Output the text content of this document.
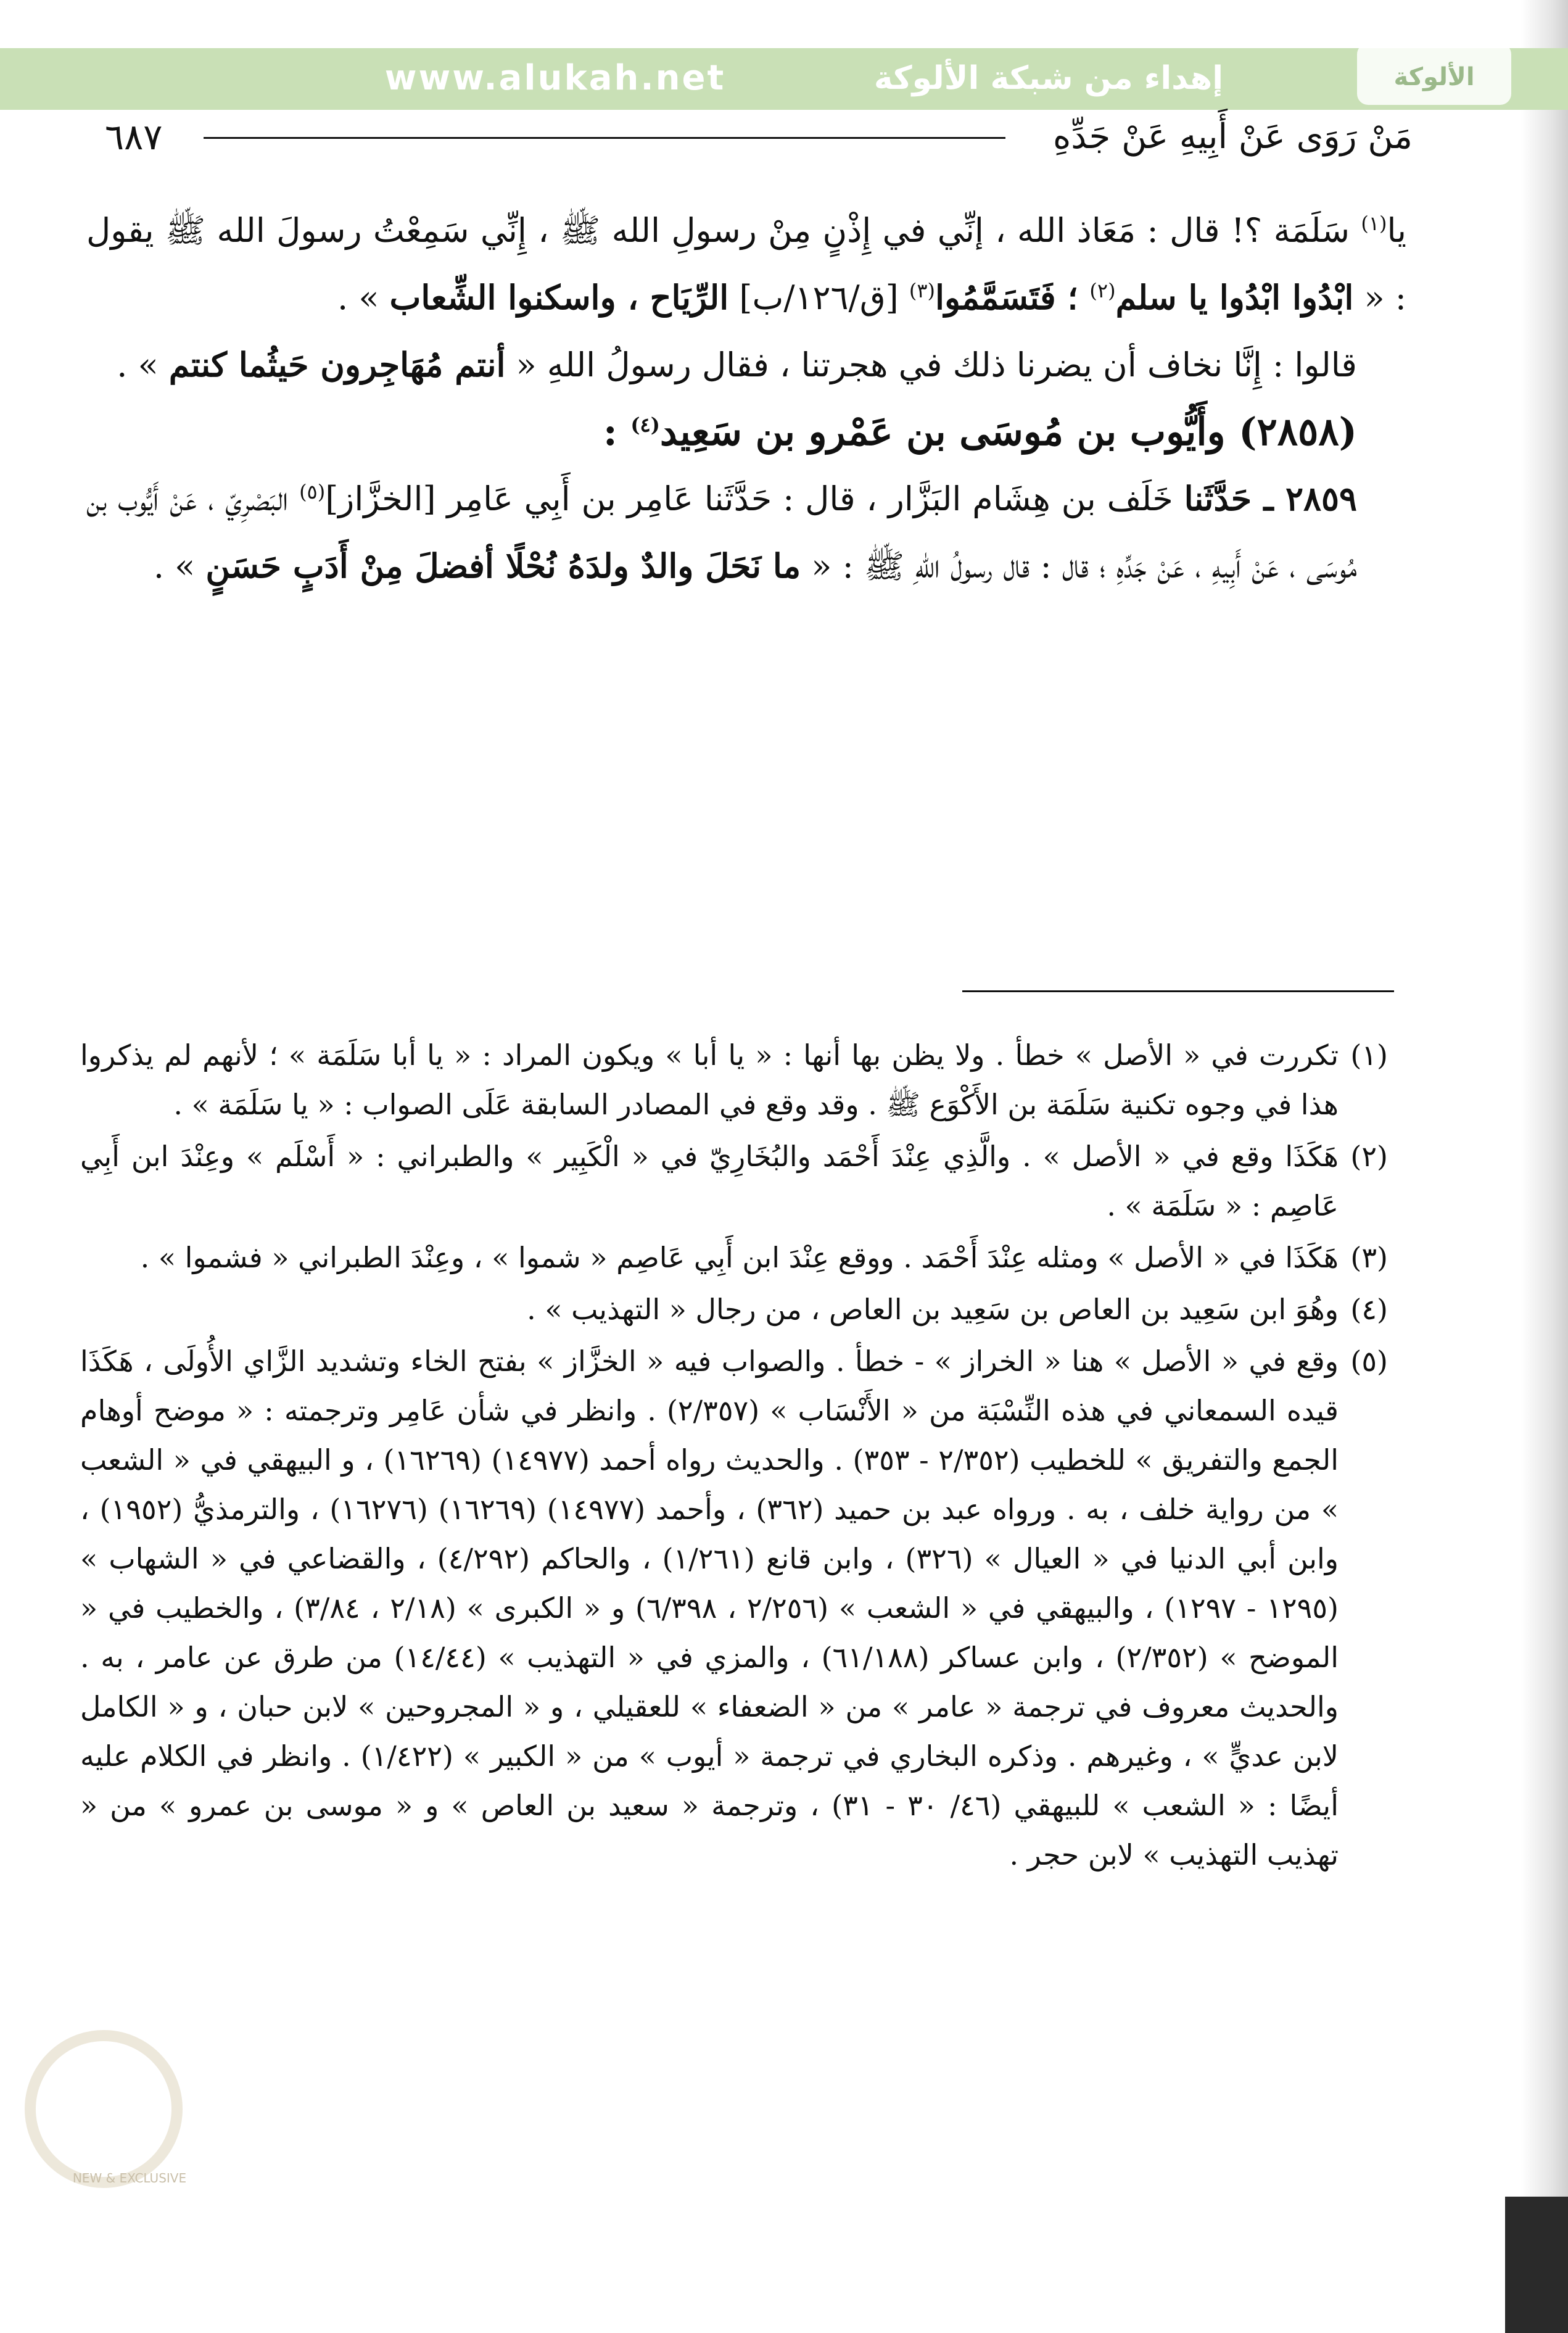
www.alukah.net	إهداء من شبكة الألوكة	الألوكة
٦٨٧	مَنْ رَوَى عَنْ أَبِيهِ عَنْ جَدِّهِ

يا$^{(١)}$ سَلَمَة ؟! قال : مَعَاذ الله ، إنِّي في إِذْنٍ مِنْ رسولِ الله ﷺ ، إِنِّي سَمِعْتُ رسولَ الله ﷺ يقول : « ابْدُوا ابْدُوا يا سلم$^{(٢)}$ ؛ فَتَسَمَّمُوا$^{(٣)}$ [ق/١٢٦/ب] الرِّيَاح ، واسكنوا الشِّعاب » .

قالوا : إِنَّا نخاف أن يضرنا ذلك في هجرتنا ، فقال رسولُ اللهِ « أنتم مُهَاجِرون حَيثُما كنتم » .

(٢٨٥٨) وأَيُّوب بن مُوسَى بن عَمْرو بن سَعِيد$^{(٤)}$ :

٢٨٥٩ ـ حَدَّثَنا خَلَف بن هِشَام البَزَّار ، قال : حَدَّثَنا عَامِر بن أَبِي عَامِر [الخزَّاز]$^{(٥)}$ البَصْرِيّ ، عَنْ أَيُّوب بن مُوسَى ، عَنْ أَبِيهِ ، عَنْ جَدِّهِ ؛ قال : قال رسولُ اللهِ ﷺ : « ما نَحَلَ والدٌ ولدَهُ نُحْلًا أفضلَ مِنْ أَدَبٍ حَسَنٍ » .

(١)تكررت في « الأصل » خطأ . ولا يظن بها أنها : « يا أبا » ويكون المراد : « يا أبا سَلَمَة » ؛ لأنهم لم يذكروا هذا في وجوه تكنية سَلَمَة بن الأَكْوَع ﷺ . وقد وقع في المصادر السابقة عَلَى الصواب : « يا سَلَمَة » .

(٢)هَكَذَا وقع في « الأصل » . والَّذِي عِنْدَ أَحْمَد والبُخَارِيّ في « الْكَبِير » والطبراني : « أَسْلَم » وعِنْدَ ابن أَبِي عَاصِم : « سَلَمَة » .

(٣)هَكَذَا في « الأصل » ومثله عِنْدَ أَحْمَد . ووقع عِنْدَ ابن أَبِي عَاصِم « شموا » ، وعِنْدَ الطبراني « فشموا » .

(٤)وهُوَ ابن سَعِيد بن العاص بن سَعِيد بن العاص ، من رجال « التهذيب » .

(٥)وقع في « الأصل » هنا « الخراز » - خطأ . والصواب فيه « الخزَّاز » بفتح الخاء وتشديد الزَّاي الأُولَى ، هَكَذَا قيده السمعاني في هذه النِّسْبَة من « الأَنْسَاب » (٢/٣٥٧) . وانظر في شأن عَامِر وترجمته : « موضح أوهام الجمع والتفريق » للخطيب (٢/٣٥٢ - ٣٥٣) . والحديث رواه أحمد (١٤٩٧٧) (١٦٢٦٩) ، و البيهقي في « الشعب » من رواية خلف ، به . ورواه عبد بن حميد (٣٦٢) ، وأحمد (١٤٩٧٧) (١٦٢٦٩) (١٦٢٧٦) ، والترمذيُّ (١٩٥٢) ، وابن أبي الدنيا في « العيال » (٣٢٦) ، وابن قانع (١/٢٦١) ، والحاكم (٤/٢٩٢) ، والقضاعي في « الشهاب » (١٢٩٥ - ١٢٩٧) ، والبيهقي في « الشعب » (٢/٢٥٦ ، ٦/٣٩٨) و « الكبرى » (٢/١٨ ، ٣/٨٤) ، والخطيب في « الموضح » (٢/٣٥٢) ، وابن عساكر (٦١/١٨٨) ، والمزي في « التهذيب » (١٤/٤٤) من طرق عن عامر ، به . والحديث معروف في ترجمة « عامر » من « الضعفاء » للعقيلي ، و « المجروحين » لابن حبان ، و « الكامل لابن عديٍّ » ، وغيرهم . وذكره البخاري في ترجمة « أيوب » من « الكبير » (١/٤٢٢) . وانظر في الكلام عليه أيضًا : « الشعب » للبيهقي (٤٦/ ٣٠ - ٣١) ، وترجمة « سعيد بن العاص » و « موسى بن عمرو » من « تهذيب التهذيب » لابن حجر .

NEW & EXCLUSIVE
